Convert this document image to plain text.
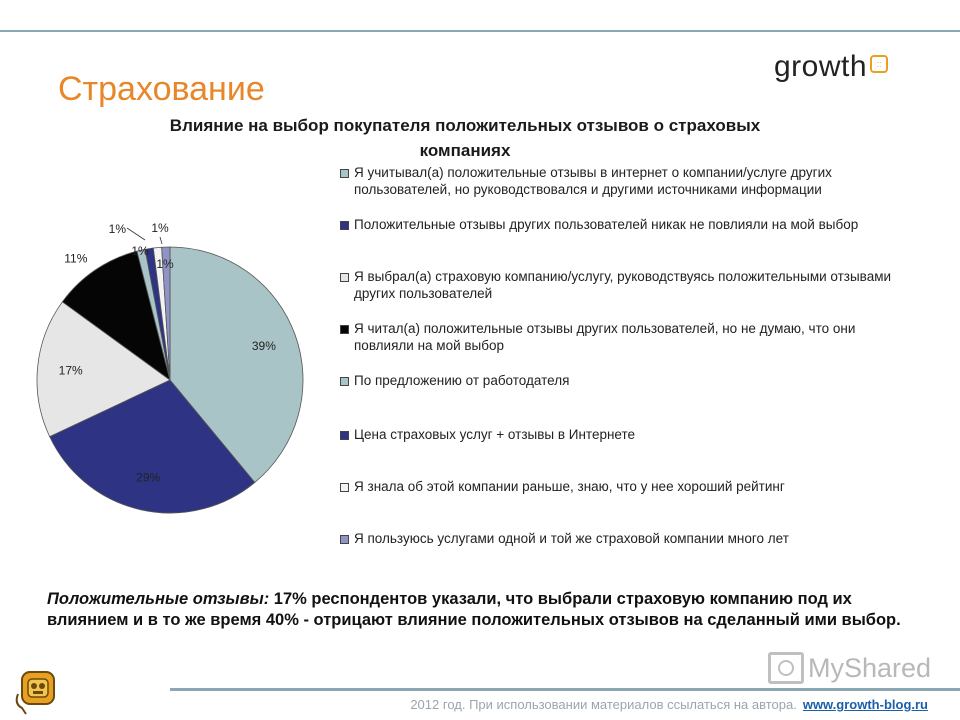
Страхование
growth	::
Влияние на выбор покупателя положительных отзывов о страховых компаниях
39%
29%
17%
11%
1% 1%
1%
1%
Я учитывал(а) положительные отзывы в интернет о компании/услуге других пользователей, но руководствовался и другими источниками информации
Положительные отзывы других пользователей никак не повлияли на мой выбор
Я выбрал(а) страховую компанию/услугу, руководствуясь положительными отзывами других пользователей
Я читал(а) положительные отзывы других пользователей, но не думаю, что они повлияли на мой выбор
По предложению от работодателя
Цена страховых услуг + отзывы в Интернете
Я знала об этой компании раньше, знаю, что у нее хороший рейтинг
Я пользуюсь услугами одной и той же страховой компании много лет
Положительные отзывы: 17% респондентов указали, что выбрали страховую компанию под их влиянием и в то же время 40% - отрицают влияние положительных отзывов на сделанный ими выбор.
MyShared
2012 год. При использовании материалов ссылаться на автора. www.growth-blog.ru
